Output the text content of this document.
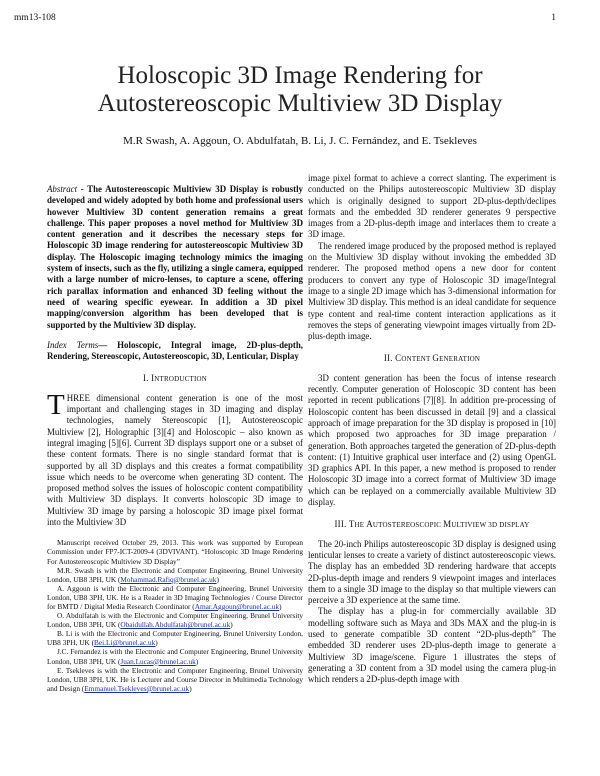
mm13-108	1
Holoscopic 3D Image Rendering for
Autostereoscopic Multiview 3D Display
M.R Swash, A. Aggoun, O. Abdulfatah, B. Li, J. C. Fernández, and E. Tsekleves

Abstract - The Autostereoscopic Multiview 3D Display is robustly developed and widely adopted by both home and professional users however Multiview 3D content generation remains a great challenge. This paper proposes a novel method for Multiview 3D content generation and it describes the necessary steps for Holoscopic 3D image rendering for autostereoscopic Multiview 3D display. The Holoscopic imaging technology mimics the imaging system of insects, such as the fly, utilizing a single camera, equipped with a large number of micro-lenses, to capture a scene, offering rich parallax information and enhanced 3D feeling without the need of wearing specific eyewear. In addition a 3D pixel mapping/conversion algorithm has been developed that is supported by the Multiview 3D display.

Index Terms— Holoscopic, Integral image, 2D-plus-depth, Rendering, Stereoscopic, Autostereoscopic, 3D, Lenticular, Display

I. INTRODUCTION

THREE dimensional content generation is one of the most important and challenging stages in 3D imaging and display technologies, namely Stereoscopic [1], Autostereoscopic Multiview [2], Holographic [3][4] and Holoscopic – also known as integral imaging [5][6]. Current 3D displays support one or a subset of these content formats. There is no single standard format that is supported by all 3D displays and this creates a format compatibility issue which needs to be overcome when generating 3D content. The proposed method solves the issues of holoscopic content compatibility with Multiview 3D displays. It converts holoscopic 3D image to Multiview 3D image by parsing a holoscopic 3D image pixel format into the Multiview 3D

Manuscript received October 29, 2013. This work was supported by European Commission under FP7-ICT-2009-4 (3DVIVANT). “Holoscopic 3D Image Rendering For Autostereoscopic Multiview 3D Display”

M.R. Swash is with the Electronic and Computer Engineering, Brunel University London, UB8 3PH, UK (Mohammad.Rafiq@brunel.ac.uk)

A. Aggoun is with the Electronic and Computer Engineering, Brunel University London, UB8 3PH, UK. He is a Reader in 3D Imaging Technologies / Course Director for BMTD / Digital Media Research Coordinator (Amar.Aggoun@brunel.ac.uk)

O. Abdulfatah is with the Electronic and Computer Engineering, Brunel University London, UB8 3PH, UK (Obaidullah.Abdulfatah@brunel.ac.uk)

B. Li is with the Electronic and Computer Engineering, Brunel University London, UB8 3PH, UK (Bei.Li@brunel.ac.uk)

J.C. Fernandez is with the Electronic and Computer Engineering, Brunel University London, UB8 3PH, UK (Juan.Lucas@brunel.ac.uk)

E. Tsekleves is with the Electronic and Computer Engineering, Brunel University London, UB8 3PH, UK. He is Lecturer and Course Director in Multimedia Technology and Design (Emmanuel.Tsekleves@brunel.ac.uk)

image pixel format to achieve a correct slanting. The experiment is conducted on the Philips autostereoscopic Multiview 3D display which is originally designed to support 2D-plus-depth/declipes formats and the embedded 3D renderer generates 9 perspective images from a 2D-plus-depth image and interlaces them to create a 3D image.

The rendered image produced by the proposed method is replayed on the Multiview 3D display without invoking the embedded 3D renderer. The proposed method opens a new door for content producers to convert any type of Holoscopic 3D image/Integral image to a single 2D image which has 3-dimensional information for Multiview 3D display. This method is an ideal candidate for sequence type content and real-time content interaction applications as it removes the steps of generating viewpoint images virtually from 2D-plus-depth image.

II. CONTENT GENERATION

3D content generation has been the focus of intense research recently. Computer generation of Holoscopic 3D content has been reported in recent publications [7][8]. In addition pre-processing of Holoscopic content has been discussed in detail [9] and a classical approach of image preparation for the 3D display is proposed in [10] which proposed two approaches for 3D image preparation / generation. Both approaches targeted the generation of 2D-plus-depth content: (1) Intuitive graphical user interface and (2) using OpenGL 3D graphics API. In this paper, a new method is proposed to render Holoscopic 3D image into a correct format of Multiview 3D image which can be replayed on a commercially available Multiview 3D display.

III. THE AUTOSTEREOSCOPIC MULTIVIEW 3D DISPLAY

The 20-inch Philips autostereoscopic 3D display is designed using lenticular lenses to create a variety of distinct autostereoscopic views. The display has an embedded 3D rendering hardware that accepts 2D-plus-depth image and renders 9 viewpoint images and interlaces them to a single 3D image to the display so that multiple viewers can perceive a 3D experience at the same time.

The display has a plug-in for commercially available 3D modelling software such as Maya and 3Ds MAX and the plug-in is used to generate compatible 3D content “2D-plus-depth” The embedded 3D renderer uses 2D-plus-depth image to generate a Multiview 3D image/scene. Figure 1 illustrates the steps of generating a 3D content from a 3D model using the camera plug-in which renders a 2D-plus-depth image with
